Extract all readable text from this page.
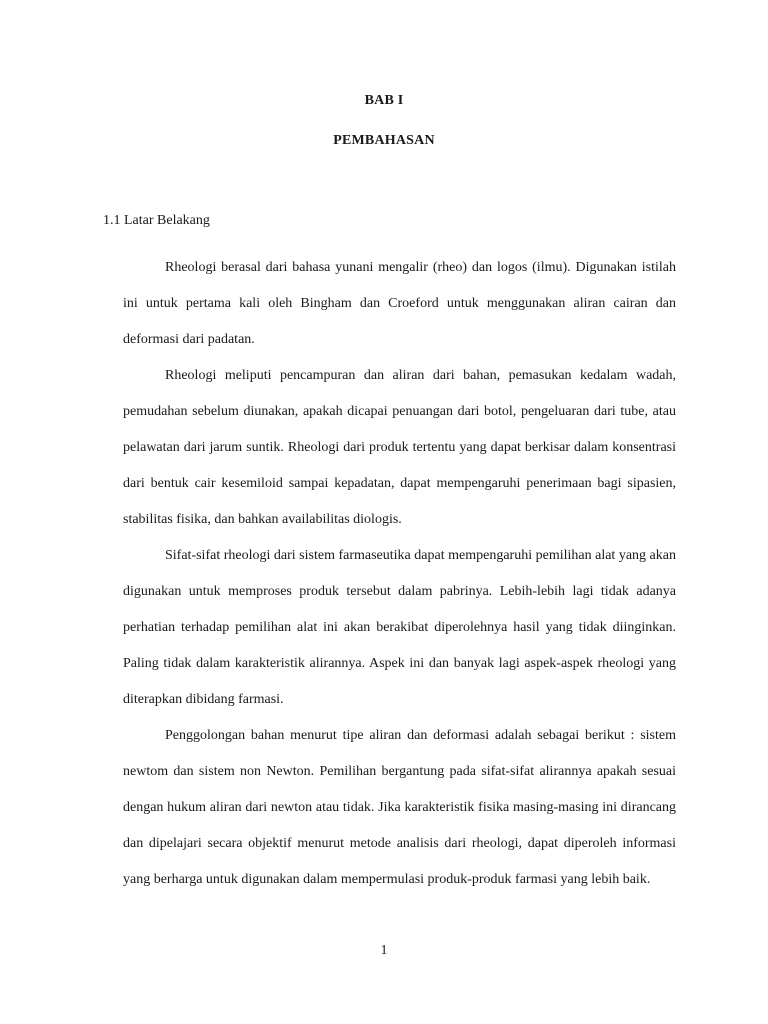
BAB I
PEMBAHASAN
1.1 Latar Belakang

Rheologi berasal dari bahasa yunani mengalir (rheo) dan logos (ilmu). Digunakan istilah ini untuk pertama kali oleh Bingham dan Croeford untuk menggunakan aliran cairan dan deformasi dari padatan.

Rheologi meliputi pencampuran dan aliran dari bahan, pemasukan kedalam wadah, pemudahan sebelum diunakan, apakah dicapai penuangan dari botol, pengeluaran dari tube, atau pelawatan dari jarum suntik. Rheologi dari produk tertentu yang dapat berkisar dalam konsentrasi dari bentuk cair kesemiloid sampai kepadatan, dapat mempengaruhi penerimaan bagi sipasien, stabilitas fisika, dan bahkan availabilitas diologis.

Sifat-sifat rheologi dari sistem farmaseutika dapat mempengaruhi pemilihan alat yang akan digunakan untuk memproses produk tersebut dalam pabrinya. Lebih-lebih lagi tidak adanya perhatian terhadap pemilihan alat ini akan berakibat diperolehnya hasil yang tidak diinginkan. Paling tidak dalam karakteristik alirannya. Aspek ini dan banyak lagi aspek-aspek rheologi yang diterapkan dibidang farmasi.

Penggolongan bahan menurut tipe aliran dan deformasi adalah sebagai berikut : sistem newtom dan sistem non Newton. Pemilihan bergantung pada sifat-sifat alirannya apakah sesuai dengan hukum aliran dari newton atau tidak. Jika karakteristik fisika masing-masing ini dirancang dan dipelajari secara objektif menurut metode analisis dari rheologi, dapat diperoleh informasi yang berharga untuk digunakan dalam mempermulasi produk-produk farmasi yang lebih baik.

1
